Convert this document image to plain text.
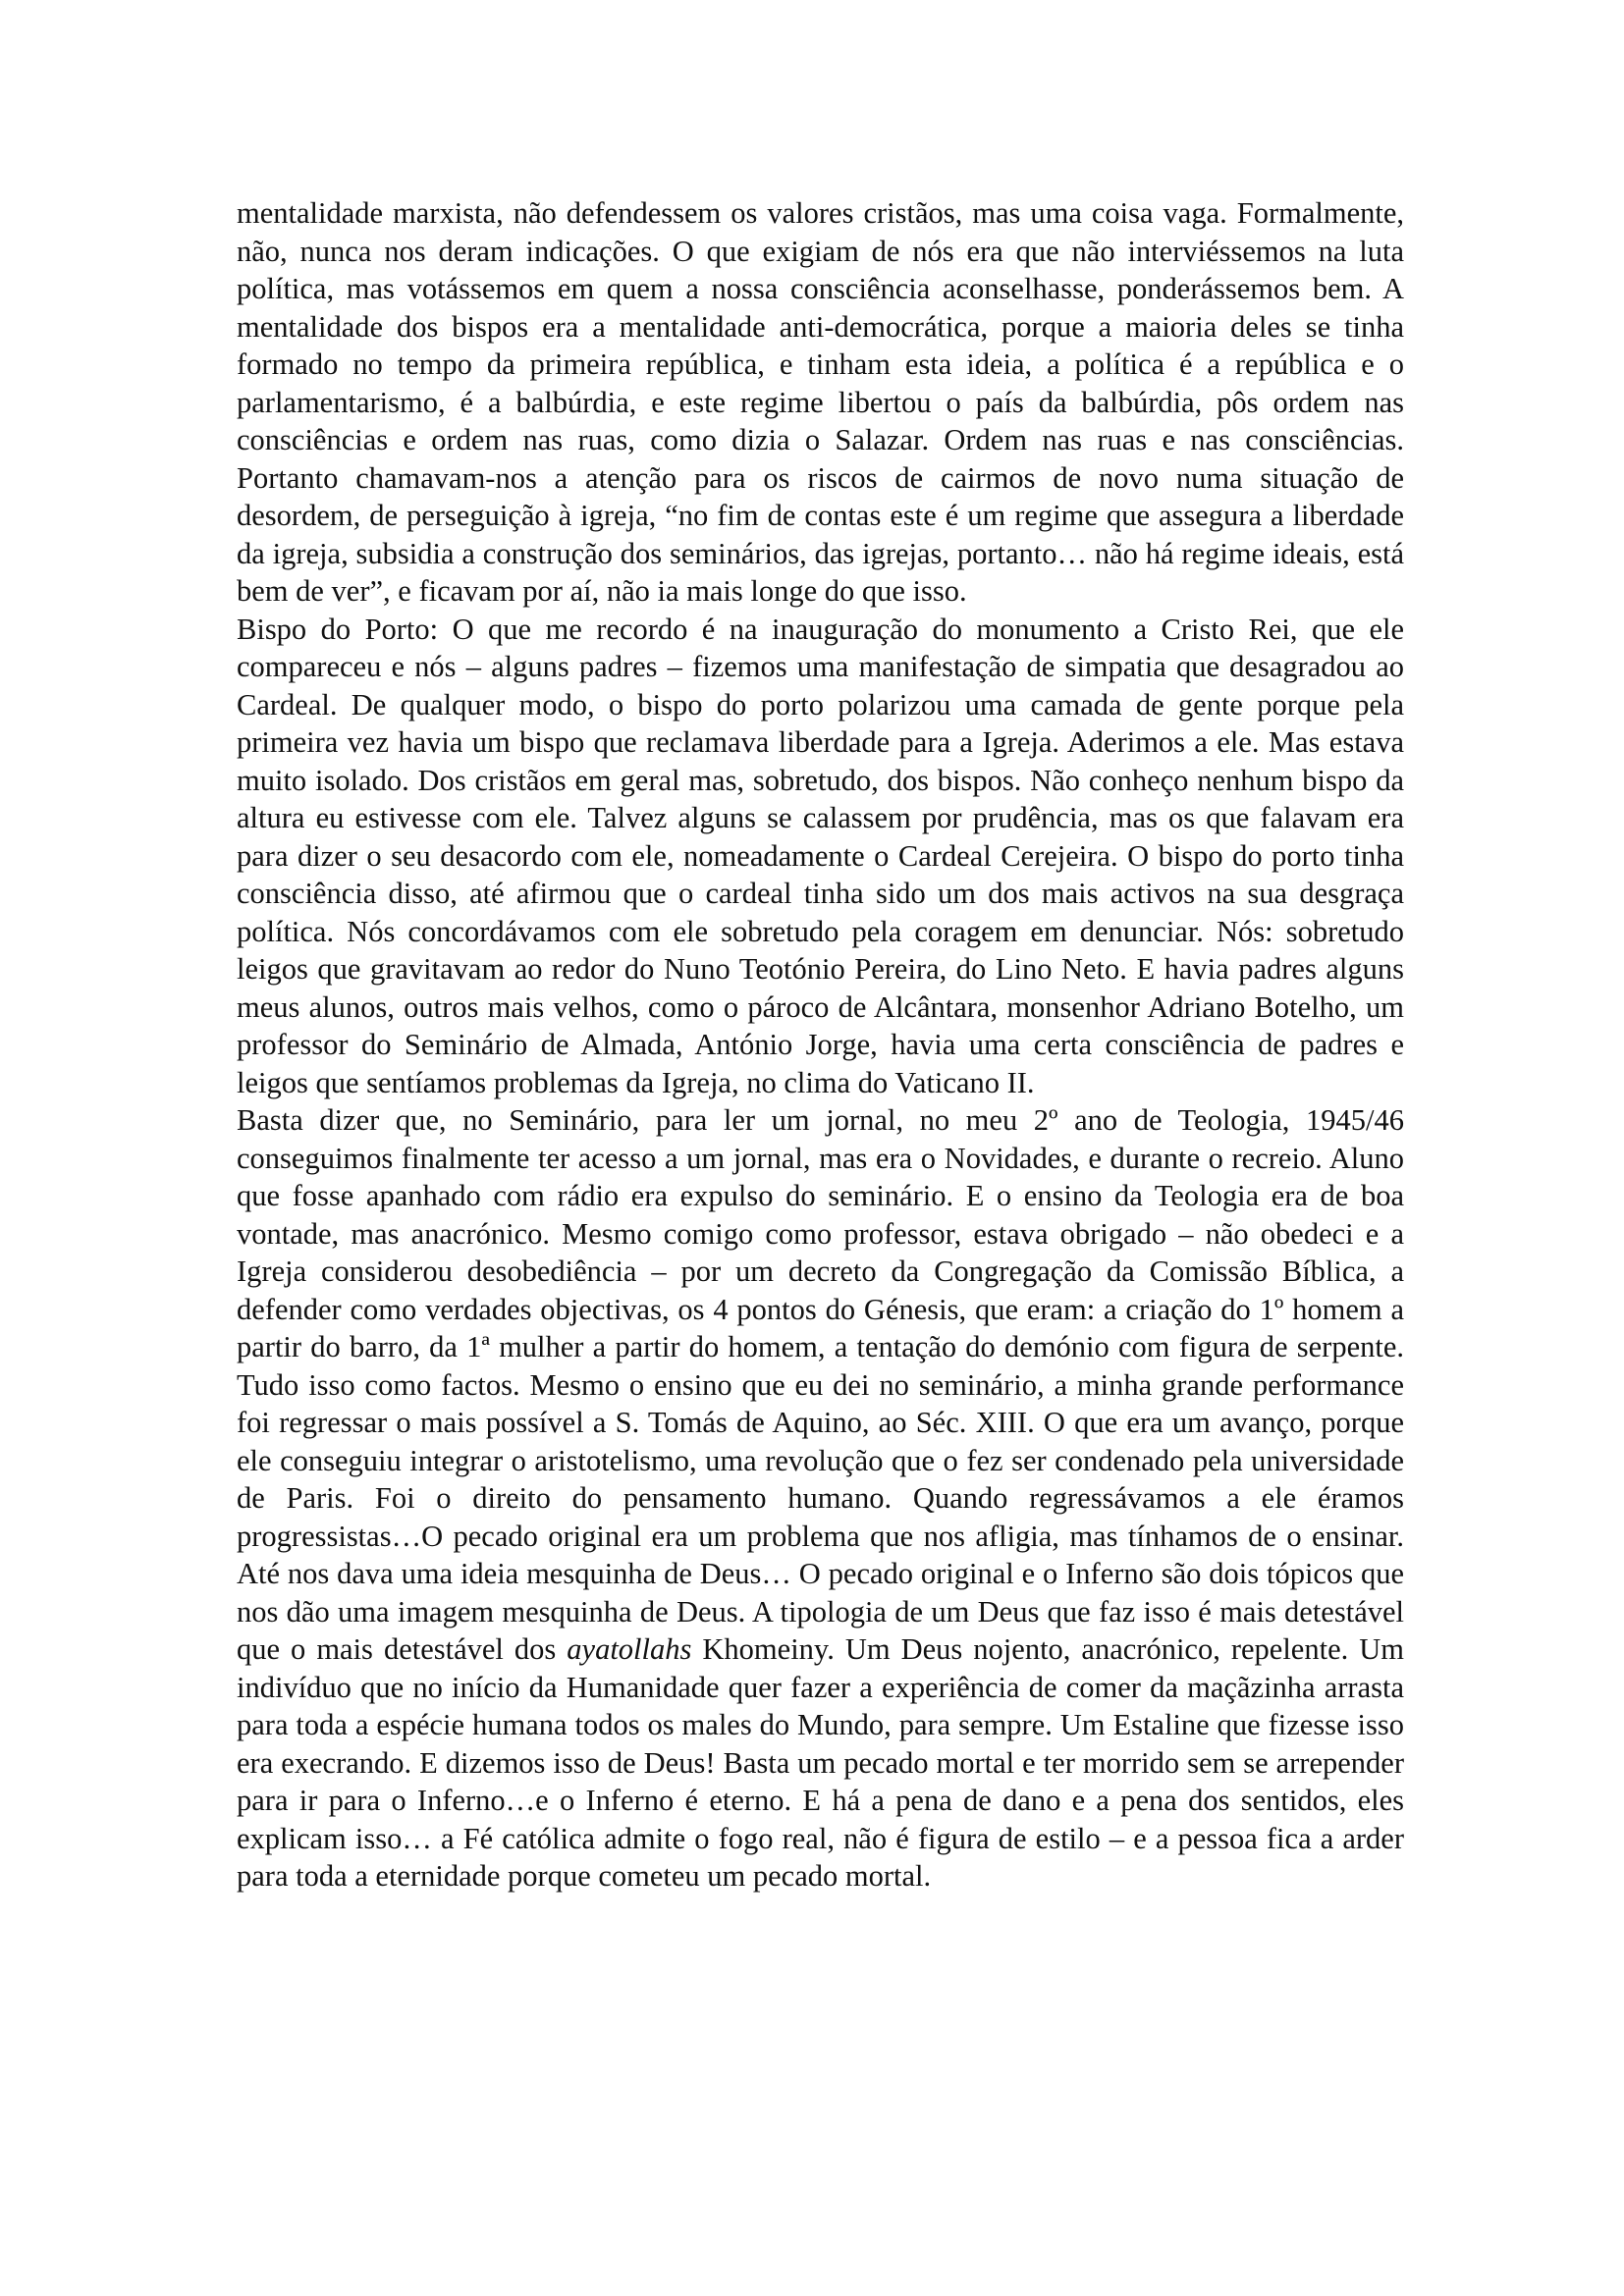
mentalidade marxista, não defendessem os valores cristãos, mas uma coisa vaga. Formalmente, não, nunca nos deram indicações. O que exigiam de nós era que não interviéssemos na luta política, mas votássemos em quem a nossa consciência aconselhasse, ponderássemos bem. A mentalidade dos bispos era a mentalidade anti-democrática, porque a maioria deles se tinha formado no tempo da primeira república, e tinham esta ideia, a política é a república e o parlamentarismo, é a balbúrdia, e este regime libertou o país da balbúrdia, pôs ordem nas consciências e ordem nas ruas, como dizia o Salazar. Ordem nas ruas e nas consciências. Portanto chamavam-nos a atenção para os riscos de cairmos de novo numa situação de desordem, de perseguição à igreja, “no fim de contas este é um regime que assegura a liberdade da igreja, subsidia a construção dos seminários, das igrejas, portanto… não há regime ideais, está bem de ver”, e ficavam por aí, não ia mais longe do que isso.

Bispo do Porto: O que me recordo é na inauguração do monumento a Cristo Rei, que ele compareceu e nós – alguns padres – fizemos uma manifestação de simpatia que desagradou ao Cardeal. De qualquer modo, o bispo do porto polarizou uma camada de gente porque pela primeira vez havia um bispo que reclamava liberdade para a Igreja. Aderimos a ele. Mas estava muito isolado. Dos cristãos em geral mas, sobretudo, dos bispos. Não conheço nenhum bispo da altura eu estivesse com ele. Talvez alguns se calassem por prudência, mas os que falavam era para dizer o seu desacordo com ele, nomeadamente o Cardeal Cerejeira. O bispo do porto tinha consciência disso, até afirmou que o cardeal tinha sido um dos mais activos na sua desgraça política. Nós concordávamos com ele sobretudo pela coragem em denunciar. Nós: sobretudo leigos que gravitavam ao redor do Nuno Teotónio Pereira, do Lino Neto. E havia padres alguns meus alunos, outros mais velhos, como o pároco de Alcântara, monsenhor Adriano Botelho, um professor do Seminário de Almada, António Jorge, havia uma certa consciência de padres e leigos que sentíamos problemas da Igreja, no clima do Vaticano II.

Basta dizer que, no Seminário, para ler um jornal, no meu 2º ano de Teologia, 1945/46 conseguimos finalmente ter acesso a um jornal, mas era o Novidades, e durante o recreio. Aluno que fosse apanhado com rádio era expulso do seminário. E o ensino da Teologia era de boa vontade, mas anacrónico. Mesmo comigo como professor, estava obrigado – não obedeci e a Igreja considerou desobediência – por um decreto da Congregação da Comissão Bíblica, a defender como verdades objectivas, os 4 pontos do Génesis, que eram: a criação do 1º homem a partir do barro, da 1ª mulher a partir do homem, a tentação do demónio com figura de serpente. Tudo isso como factos. Mesmo o ensino que eu dei no seminário, a minha grande performance foi regressar o mais possível a S. Tomás de Aquino, ao Séc. XIII. O que era um avanço, porque ele conseguiu integrar o aristotelismo, uma revolução que o fez ser condenado pela universidade de Paris. Foi o direito do pensamento humano. Quando regressávamos a ele éramos progressistas…O pecado original era um problema que nos afligia, mas tínhamos de o ensinar. Até nos dava uma ideia mesquinha de Deus… O pecado original e o Inferno são dois tópicos que nos dão uma imagem mesquinha de Deus. A tipologia de um Deus que faz isso é mais detestável que o mais detestável dos ayatollahs Khomeiny. Um Deus nojento, anacrónico, repelente. Um indivíduo que no início da Humanidade quer fazer a experiência de comer da maçãzinha arrasta para toda a espécie humana todos os males do Mundo, para sempre. Um Estaline que fizesse isso era execrando. E dizemos isso de Deus! Basta um pecado mortal e ter morrido sem se arrepender para ir para o Inferno…e o Inferno é eterno. E há a pena de dano e a pena dos sentidos, eles explicam isso… a Fé católica admite o fogo real, não é figura de estilo – e a pessoa fica a arder para toda a eternidade porque cometeu um pecado mortal.
